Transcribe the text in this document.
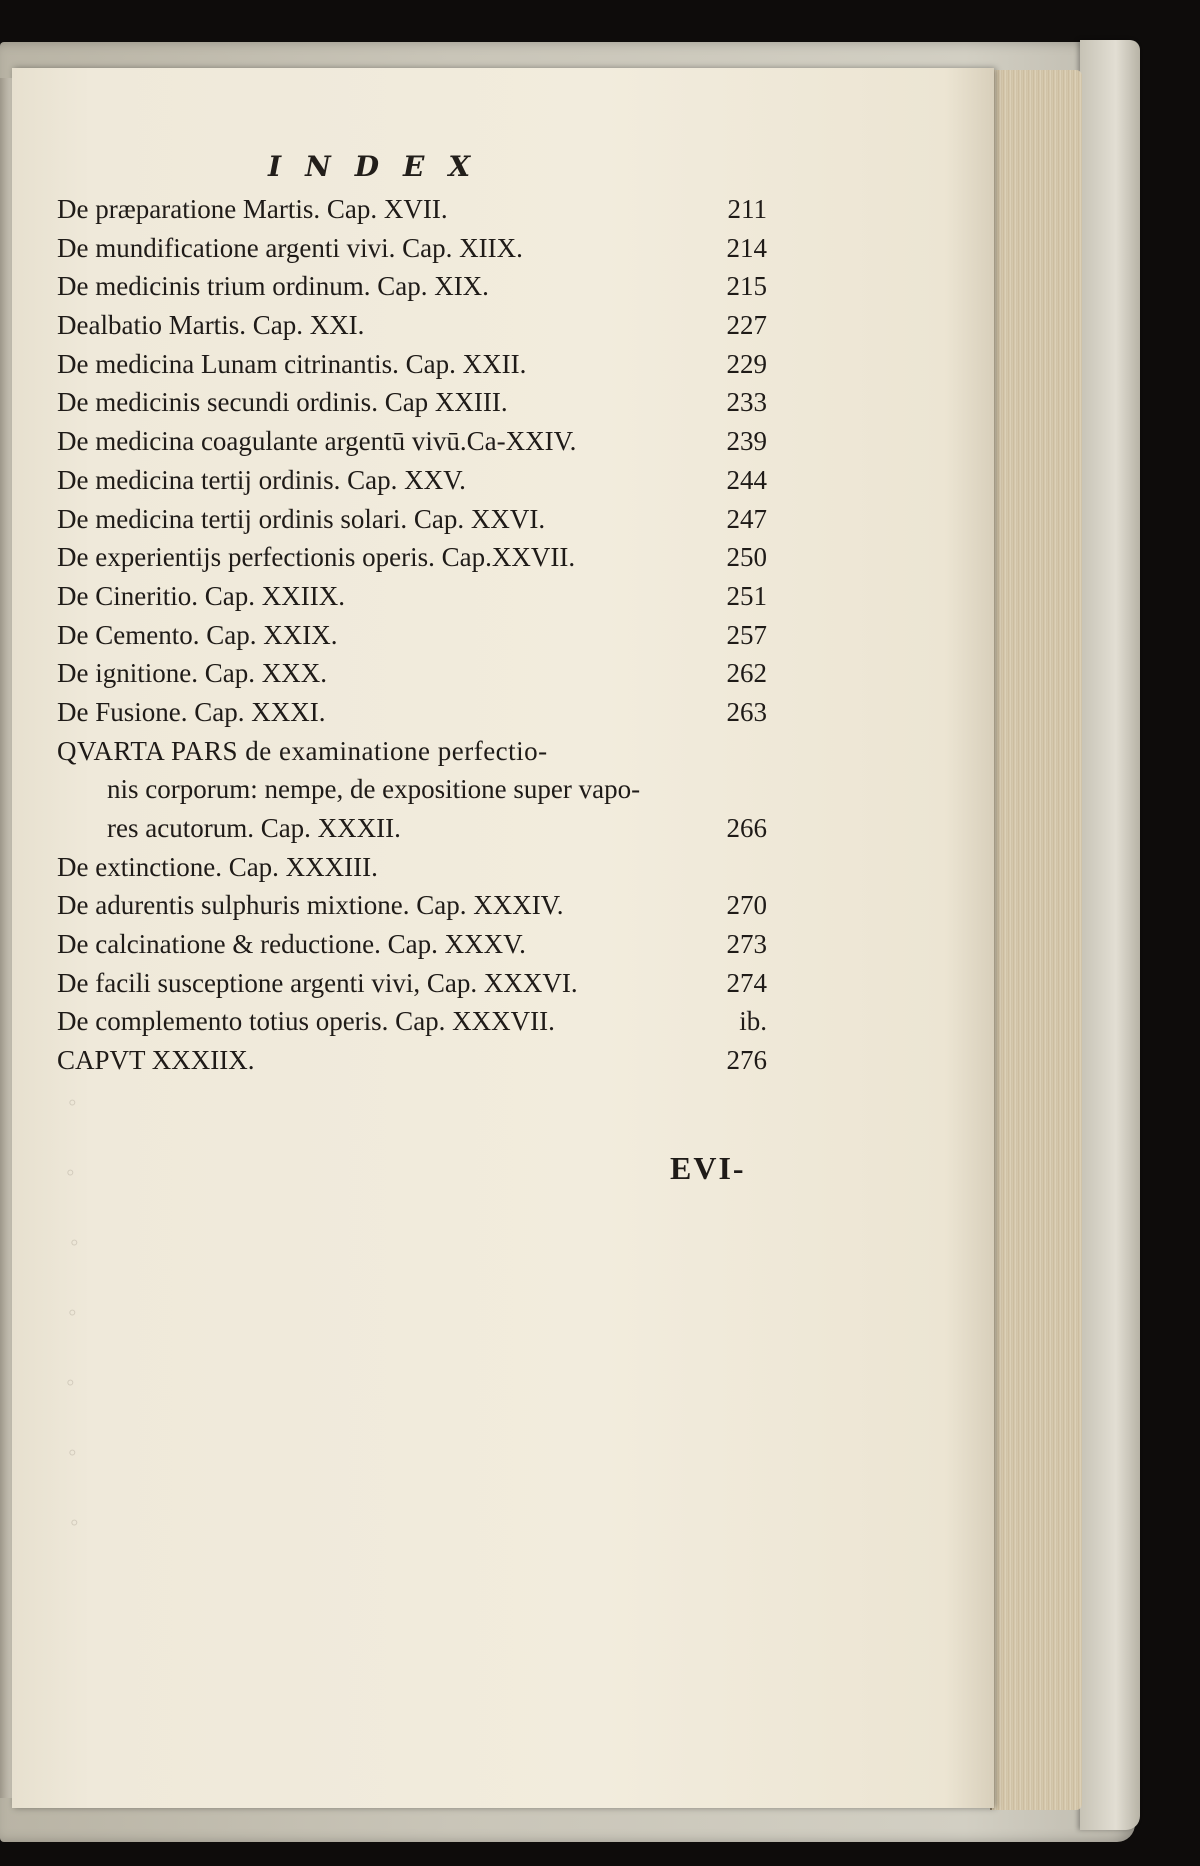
INDEX
De præparatione Martis. Cap. XVII.	211
De mundificatione argenti vivi. Cap. XIIX.	214
De medicinis trium ordinum. Cap. XIX.	215
Dealbatio Martis. Cap. XXI.	227
De medicina Lunam citrinantis. Cap. XXII.	229
De medicinis secundi ordinis. Cap XXIII.	233
De medicina coagulante argentū vivū.Ca-XXIV.	239
De medicina tertij ordinis. Cap. XXV.	244
De medicina tertij ordinis solari. Cap. XXVI.	247
De experientijs perfectionis operis. Cap.XXVII.	250
De Cineritio. Cap. XXIIX.	251
De Cemento. Cap. XXIX.	257
De ignitione. Cap. XXX.	262
De Fusione. Cap. XXXI.	263
QVARTA PARS de examinatione perfectio-
nis corporum: nempe, de expositione super vapo-
res acutorum. Cap. XXXII.	266
De extinctione. Cap. XXXIII.
De adurentis sulphuris mixtione. Cap. XXXIV.	270
De calcinatione & reductione. Cap. XXXV.	273
De facili susceptione argenti vivi, Cap. XXXVI.	274
De complemento totius operis. Cap. XXXVII.	ib.
CAPVT XXXIIX.	276
EVI-
◦
◦
◦
◦
◦
◦
◦
